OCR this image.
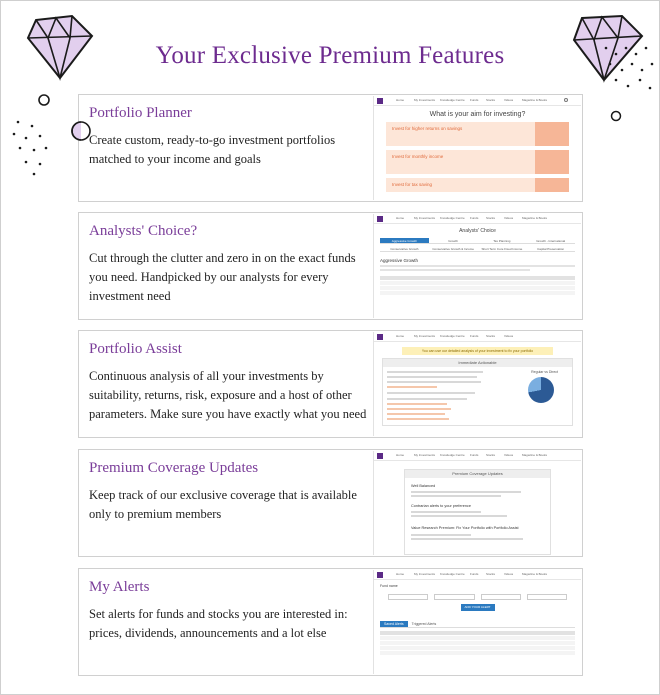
Your Exclusive Premium Features
Portfolio Planner
Create custom, ready-to-go investment portfolios matched to your income and goals
Home	My Investments Knowledge Centre Funds	Stocks	Videos	Magazine & Books
What is your aim for investing?
Invest for higher returns on savings
Invest for monthly income
Invest for tax saving
Analysts' Choice?
Cut through the clutter and zero in on the exact funds you need. Handpicked by our analysts for every investment need
Home	My Investments Knowledge Centre Funds	Stocks	Videos	Magazine & Books
Analysts' Choice
Aggressive Growth	Growth	Tax Planning	Growth - International
Conservative Growth	Conservative Growth & Income	Short Term Core Fixed Income	Capital Preservation
Aggressive Growth
Portfolio Assist
Continuous analysis of all your investments by suitability, returns, risk, exposure and a host of other parameters. Make sure you have exactly what you need
Home	My Investments Knowledge Centre Funds	Stocks	Videos
You can use our detailed analysis of your investment to fix your portfolio
Immediate Actionable
Regular vs Direct
Premium Coverage Updates
Keep track of our exclusive coverage that is available only to premium members
Home	My Investments Knowledge Centre Funds	Stocks	Videos	Magazine & Books
Premium Coverage Updates
Well Balanced
Contrarian alerts to your preference
Value Research Premium: Fix Your Portfolio with Portfolio Assist
My Alerts
Set alerts for funds and stocks you are interested in: prices, dividends, announcements and a lot else
Home	My Investments Knowledge Centre Funds	Stocks	Videos	Magazine & Books
Fund name
ADD YOUR ALERT
Saved Alerts	Triggered Alerts
